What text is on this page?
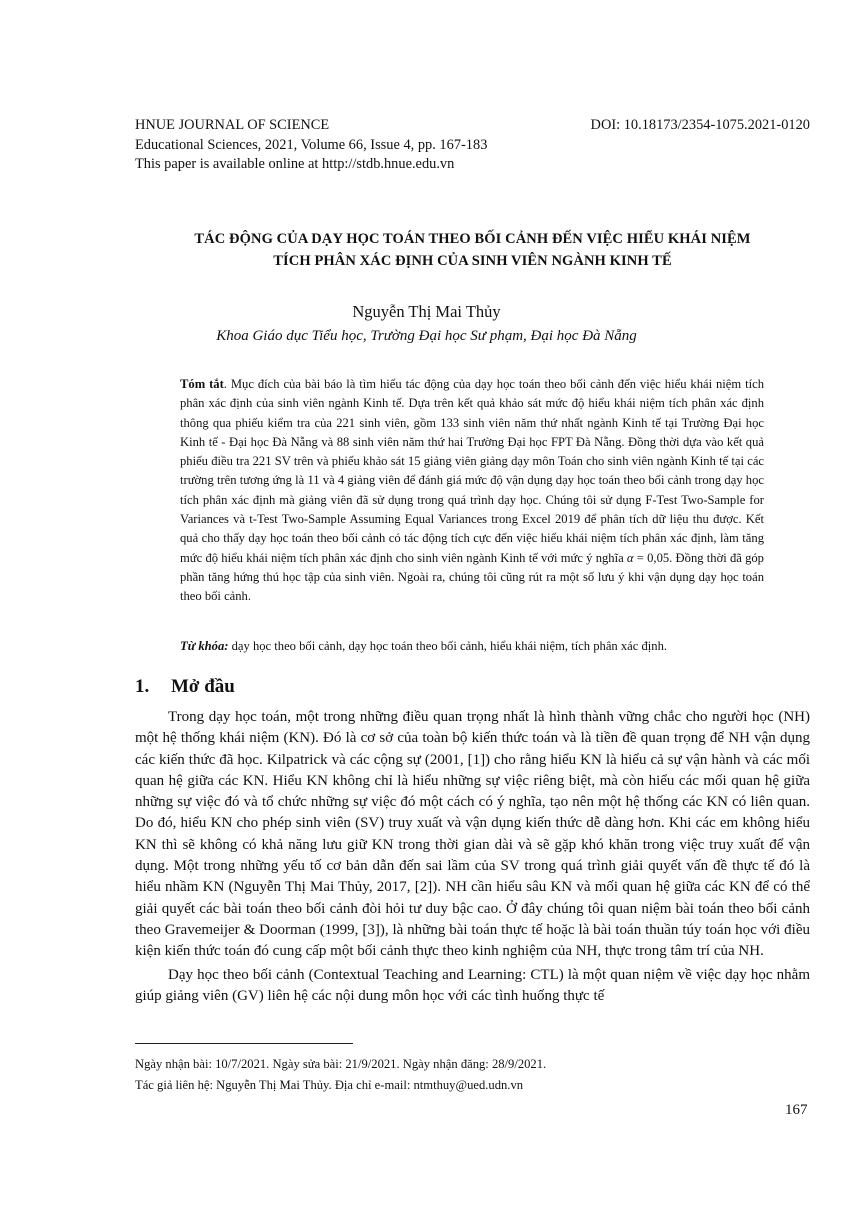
HNUE JOURNAL OF SCIENCE	DOI: 10.18173/2354-1075.2021-0120
Educational Sciences, 2021, Volume 66, Issue 4, pp. 167-183
This paper is available online at http://stdb.hnue.edu.vn
TÁC ĐỘNG CỦA DẠY HỌC TOÁN THEO BỐI CẢNH ĐẾN VIỆC HIỂU KHÁI NIỆM
TÍCH PHÂN XÁC ĐỊNH CỦA SINH VIÊN NGÀNH KINH TẾ
Nguyễn Thị Mai Thủy
Khoa Giáo dục Tiểu học, Trường Đại học Sư phạm, Đại học Đà Nẵng
Tóm tắt. Mục đích của bài báo là tìm hiểu tác động của dạy học toán theo bối cảnh đến việc hiểu khái niệm tích phân xác định của sinh viên ngành Kinh tế. Dựa trên kết quả khảo sát mức độ hiểu khái niệm tích phân xác định thông qua phiếu kiểm tra của 221 sinh viên, gồm 133 sinh viên năm thứ nhất ngành Kinh tế tại Trường Đại học Kinh tế - Đại học Đà Nẵng và 88 sinh viên năm thứ hai Trường Đại học FPT Đà Nẵng. Đồng thời dựa vào kết quả phiếu điều tra 221 SV trên và phiếu khảo sát 15 giảng viên giảng dạy môn Toán cho sinh viên ngành Kinh tế tại các trường trên tương ứng là 11 và 4 giảng viên để đánh giá mức độ vận dụng dạy học toán theo bối cảnh trong dạy học tích phân xác định mà giảng viên đã sử dụng trong quá trình dạy học. Chúng tôi sử dụng F-Test Two-Sample for Variances và t-Test Two-Sample Assuming Equal Variances trong Excel 2019 để phân tích dữ liệu thu được. Kết quả cho thấy dạy học toán theo bối cảnh có tác động tích cực đến việc hiểu khái niệm tích phân xác định, làm tăng mức độ hiểu khái niệm tích phân xác định cho sinh viên ngành Kinh tế với mức ý nghĩa α = 0,05. Đồng thời đã góp phần tăng hứng thú học tập của sinh viên. Ngoài ra, chúng tôi cũng rút ra một số lưu ý khi vận dụng dạy học toán theo bối cảnh.
Từ khóa: dạy học theo bối cảnh, dạy học toán theo bối cảnh, hiểu khái niệm, tích phân xác định.
1. Mở đầu

Trong dạy học toán, một trong những điều quan trọng nhất là hình thành vững chắc cho người học (NH) một hệ thống khái niệm (KN). Đó là cơ sở của toàn bộ kiến thức toán và là tiền đề quan trọng để NH vận dụng các kiến thức đã học. Kilpatrick và các cộng sự (2001, [1]) cho rằng hiểu KN là hiểu cả sự vận hành và các mối quan hệ giữa các KN. Hiểu KN không chỉ là hiểu những sự việc riêng biệt, mà còn hiểu các mối quan hệ giữa những sự việc đó và tổ chức những sự việc đó một cách có ý nghĩa, tạo nên một hệ thống các KN có liên quan. Do đó, hiểu KN cho phép sinh viên (SV) truy xuất và vận dụng kiến thức dễ dàng hơn. Khi các em không hiểu KN thì sẽ không có khả năng lưu giữ KN trong thời gian dài và sẽ gặp khó khăn trong việc truy xuất để vận dụng. Một trong những yếu tố cơ bản dẫn đến sai lầm của SV trong quá trình giải quyết vấn đề thực tế đó là hiểu nhầm KN (Nguyễn Thị Mai Thủy, 2017, [2]). NH cần hiểu sâu KN và mối quan hệ giữa các KN để có thể giải quyết các bài toán theo bối cảnh đòi hỏi tư duy bậc cao. Ở đây chúng tôi quan niệm bài toán theo bối cảnh theo Gravemeijer & Doorman (1999, [3]), là những bài toán thực tế hoặc là bài toán thuần túy toán học với điều kiện kiến thức toán đó cung cấp một bối cảnh thực theo kinh nghiệm của NH, thực trong tâm trí của NH.

Dạy học theo bối cảnh (Contextual Teaching and Learning: CTL) là một quan niệm về việc dạy học nhằm giúp giảng viên (GV) liên hệ các nội dung môn học với các tình huống thực tế

Ngày nhận bài: 10/7/2021. Ngày sửa bài: 21/9/2021. Ngày nhận đăng: 28/9/2021.
Tác giả liên hệ: Nguyễn Thị Mai Thủy. Địa chỉ e-mail: ntmthuy@ued.udn.vn
167
